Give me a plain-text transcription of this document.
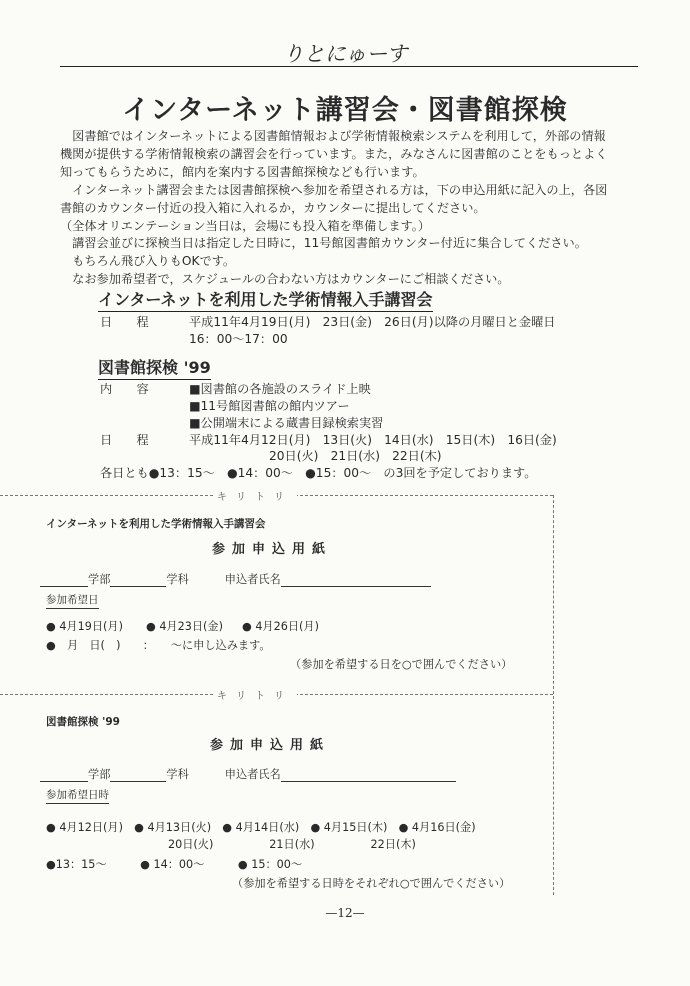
りとにゅーす
インターネット講習会・図書館探検

　図書館ではインターネットによる図書館情報および学術情報検索システムを利用して，外部の情報

機関が提供する学術情報検索の講習会を行っています。また，みなさんに図書館のことをもっとよく

知ってもらうために，館内を案内する図書館探検なども行います。

　インターネット講習会または図書館探検へ参加を希望される方は，下の申込用紙に記入の上，各図

書館のカウンター付近の投入箱に入れるか，カウンターに提出してください。

（全体オリエンテーション当日は，会場にも投入箱を準備します。）

　講習会並びに探検当日は指定した日時に，11号館図書館カウンター付近に集合してください。

　もちろん飛び入りもOKです。

　なお参加希望者で，スケジュールの合わない方はカウンターにご相談ください。

インターネットを利用した学術情報入手講習会
日　　程	平成11年4月19日(月)　23日(金)　26日(月)以降の月曜日と金曜日
16：00～17：00
図書館探検 '99
内　　容	■図書館の各施設のスライド上映
■11号館図書館の館内ツアー
■公開端末による蔵書目録検索実習
日　　程	平成11年4月12日(月)　13日(火)　14日(水)　15日(木)　16日(金)
20日(火)　21日(水)　22日(木)
各日とも●13：15～　●14：00～　●15：00～　の3回を予定しております。
キリトリ
インターネットを利用した学術情報入手講習会
参加申込用紙
学部	学科	申込者氏名
参加希望日
● 4月19日(月) ● 4月23日(金) ● 4月26日(月)
●　月　日(　)　　：　　～に申し込みます。
（参加を希望する日を○で囲んでください）
キリトリ
図書館探検 '99
参加申込用紙
学部	学科	申込者氏名
参加希望日時
● 4月12日(月)　● 4月13日(火)　● 4月14日(水)　● 4月15日(木)　● 4月16日(金)
20日(火)　　　　　21日(水)　　　　　22日(木)
●13：15～　　　● 14：00～　　　● 15：00～
（参加を希望する日時をそれぞれ○で囲んでください）
—12—
